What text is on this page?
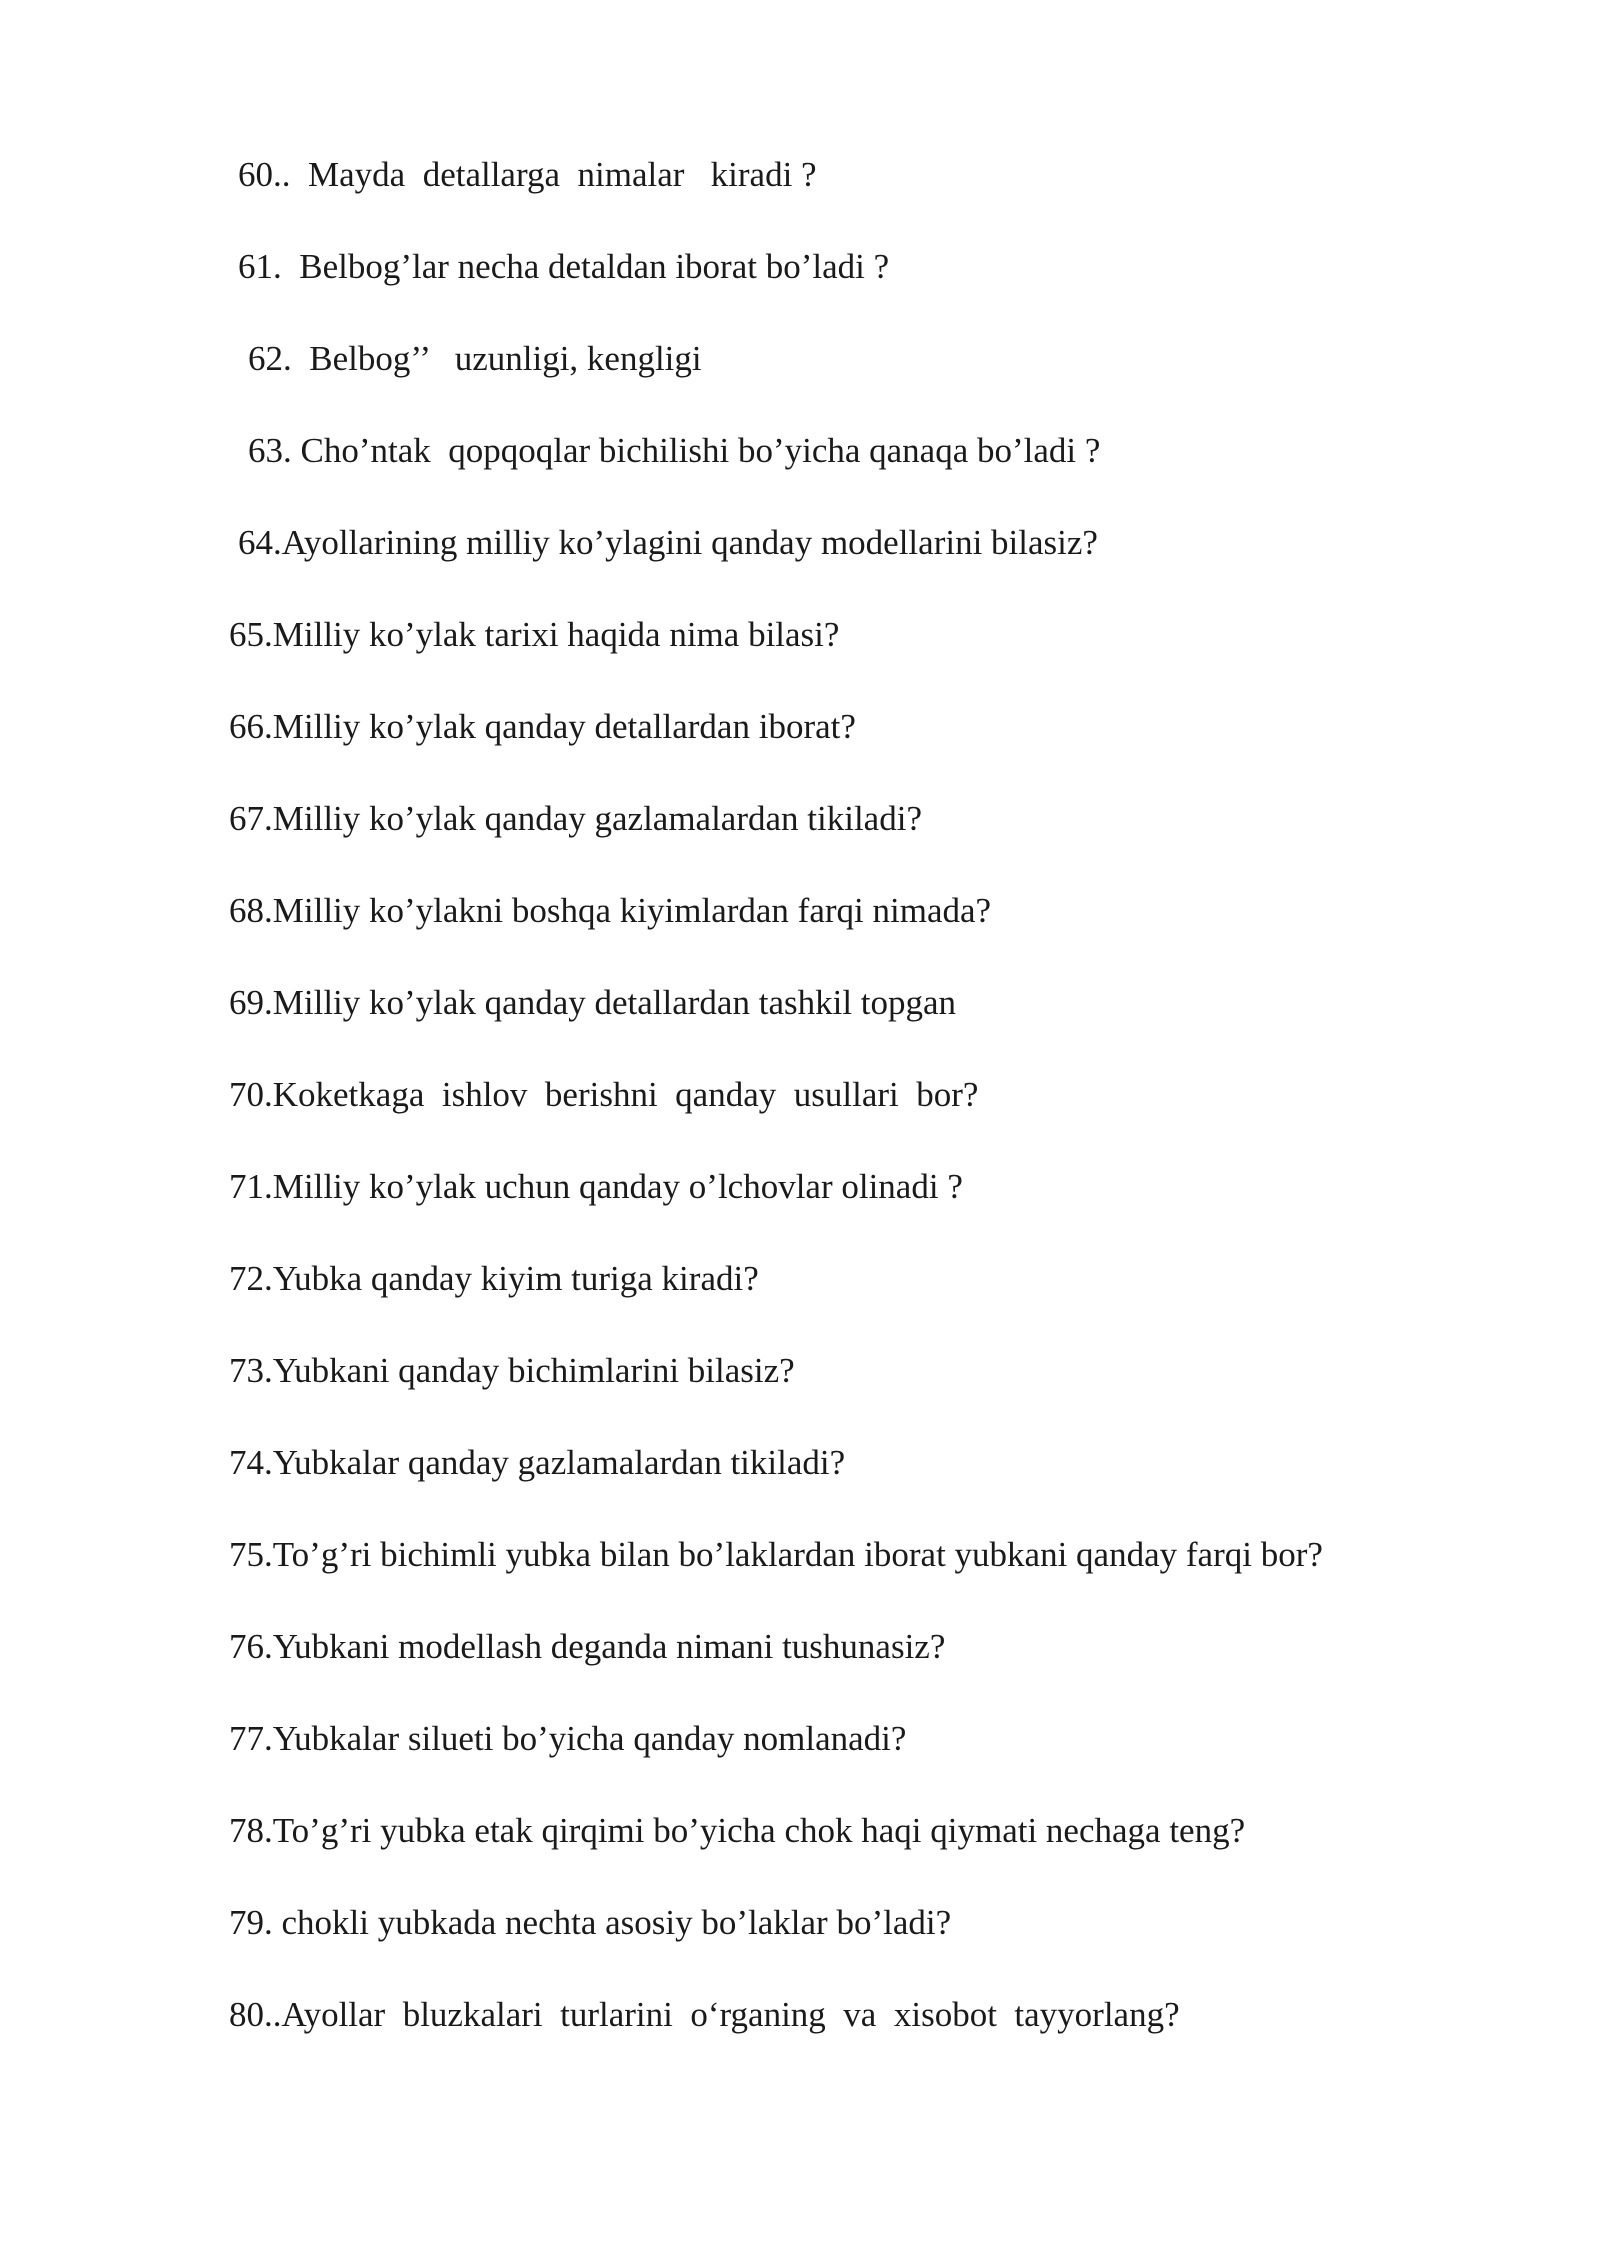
60..  Mayda  detallarga  nimalar   kiradi ?

61.  Belbog’lar necha detaldan iborat bo’ladi ?

62.  Belbog’’   uzunligi, kengligi

63. Cho’ntak  qopqoqlar bichilishi bo’yicha qanaqa bo’ladi ?

64.Ayollarining milliy ko’ylagini qanday modellarini bilasiz?

65.Milliy ko’ylak tarixi haqida nima bilasi?

66.Milliy ko’ylak qanday detallardan iborat?

67.Milliy ko’ylak qanday gazlamalardan tikiladi?

68.Milliy ko’ylakni boshqa kiyimlardan farqi nimada?

69.Milliy ko’ylak qanday detallardan tashkil topgan

70.Koketkaga  ishlov  berishni  qanday  usullari  bor?

71.Milliy ko’ylak uchun qanday o’lchovlar olinadi ?

72.Yubka qanday kiyim turiga kiradi?

73.Yubkani qanday bichimlarini bilasiz?

74.Yubkalar qanday gazlamalardan tikiladi?

75.To’g’ri bichimli yubka bilan bo’laklardan iborat yubkani qanday farqi bor?

76.Yubkani modellash deganda nimani tushunasiz?

77.Yubkalar silueti bo’yicha qanday nomlanadi?

78.To’g’ri yubka etak qirqimi bo’yicha chok haqi qiymati nechaga teng?

79. chokli yubkada nechta asosiy bo’laklar bo’ladi?

80..Ayollar  bluzkalari  turlarini  o‘rganing  va  xisobot  tayyorlang?
